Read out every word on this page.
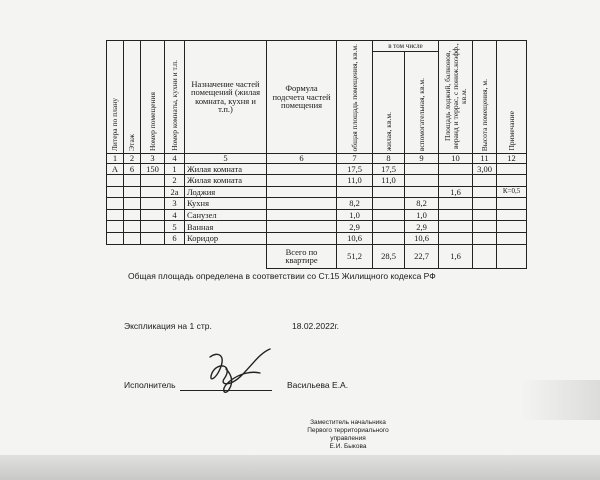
Литера по плану	Этаж	Номер помещения	Номер комнаты, кухни и т.п.	Назначение частей помещений (жилая комната, кухня и т.п.)	Формула подсчета частей помещения	общая площадь помещения, кв.м.	в том числе		Площадь лоджий, балконов, веранд и террас, с пониж.коэфф., кв.м.	Высота помещения, м.	Примечание
							жилая, кв.м.	вспомогательная, кв.м.			
1	2	3	4	5	6	7	8	9	10	11	12
А	6	150	1	Жилая комната		17,5	17,5			3,00	
			2	Жилая комната		11,0	11,0				
			2а	Лоджия					1,6		К=0,5
			3	Кухня		8,2		8,2			
			4	Санузел		1,0		1,0			
			5	Ванная		2,9		2,9			
			6	Коридор		10,6		10,6			
					Всего по квартире	51,2	28,5	22,7	1,6		
Общая площадь определена в соответствии со Ст.15 Жилищного кодекса РФ
Экспликация на 1 стр.	18.02.2022г.
Исполнитель	Васильева Е.А.
Заместитель начальника
Первого территориального
управления
Е.И. Быкова
